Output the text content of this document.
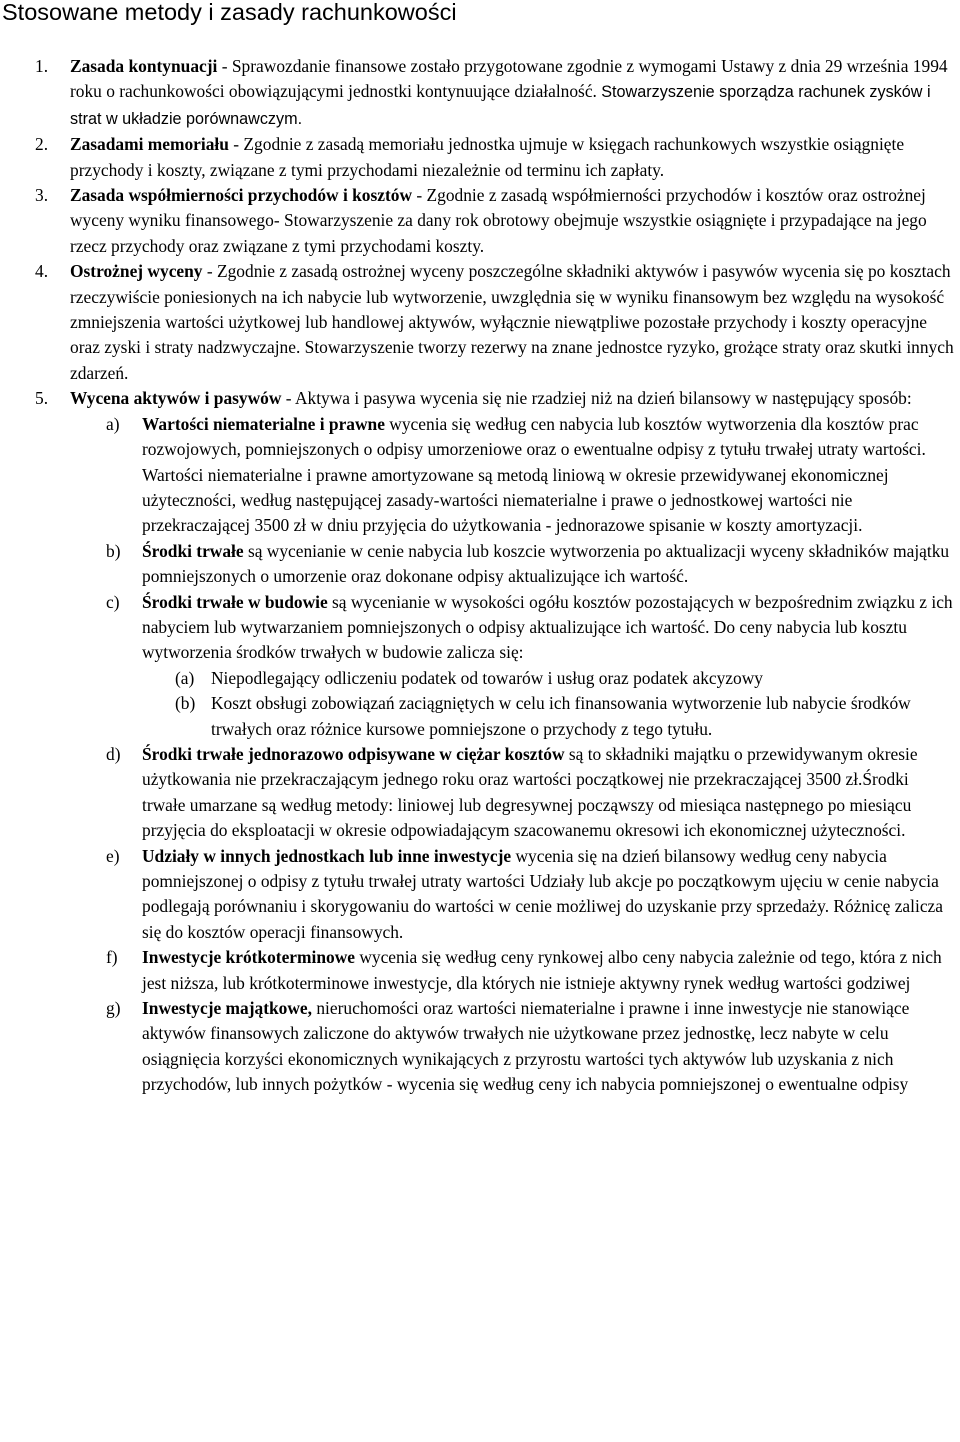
Stosowane metody i zasady rachunkowości

1. Zasada kontynuacji - Sprawozdanie finansowe zostało przygotowane zgodnie z wymogami Ustawy z dnia 29 września 1994 roku o rachunkowości obowiązującymi jednostki kontynuujące działalność. Stowarzyszenie sporządza rachunek zysków i strat w układzie porównawczym.

2. Zasadami memoriału - Zgodnie z zasadą memoriału jednostka ujmuje w księgach rachunkowych wszystkie osiągnięte przychody i koszty, związane z tymi przychodami niezależnie od terminu ich zapłaty.

3. Zasada współmierności przychodów i kosztów - Zgodnie z zasadą współmierności przychodów i kosztów oraz ostrożnej wyceny wyniku finansowego- Stowarzyszenie za dany rok obrotowy obejmuje wszystkie osiągnięte i przypadające na jego rzecz przychody oraz związane z tymi przychodami koszty.

4. Ostrożnej wyceny - Zgodnie z zasadą ostrożnej wyceny poszczególne składniki aktywów i pasywów wycenia się po kosztach rzeczywiście poniesionych na ich nabycie lub wytworzenie, uwzględnia się w wyniku finansowym bez względu na wysokość zmniejszenia wartości użytkowej lub handlowej aktywów, wyłącznie niewątpliwe pozostałe przychody i koszty operacyjne oraz zyski i straty nadzwyczajne. Stowarzyszenie tworzy rezerwy na znane jednostce ryzyko, grożące straty oraz skutki innych zdarzeń.

5. Wycena aktywów i pasywów - Aktywa i pasywa wycenia się nie rzadziej niż na dzień bilansowy w następujący sposób:

a) Wartości niematerialne i prawne wycenia się według cen nabycia lub kosztów wytworzenia dla kosztów prac rozwojowych, pomniejszonych o odpisy umorzeniowe oraz o ewentualne odpisy z tytułu trwałej utraty wartości. Wartości niematerialne i prawne amortyzowane są metodą liniową w okresie przewidywanej ekonomicznej użyteczności, według następującej zasady-wartości niematerialne i prawe o jednostkowej wartości nie przekraczającej 3500 zł w dniu przyjęcia do użytkowania - jednorazowe spisanie w koszty amortyzacji.

b) Środki trwałe są wycenianie w cenie nabycia lub koszcie wytworzenia po aktualizacji wyceny składników majątku pomniejszonych o umorzenie oraz dokonane odpisy aktualizujące ich wartość.

c) Środki trwałe w budowie są wycenianie w wysokości ogółu kosztów pozostających w bezpośrednim związku z ich nabyciem lub wytwarzaniem pomniejszonych o odpisy aktualizujące ich wartość. Do ceny nabycia lub kosztu wytworzenia środków trwałych w budowie zalicza się:

(a) Niepodlegający odliczeniu podatek od towarów i usług oraz podatek akcyzowy

(b) Koszt obsługi zobowiązań zaciągniętych w celu ich finansowania wytworzenie lub nabycie środków trwałych oraz różnice kursowe pomniejszone o przychody z tego tytułu.

d) Środki trwałe jednorazowo odpisywane w ciężar kosztów są to składniki majątku o przewidywanym okresie użytkowania nie przekraczającym jednego roku oraz wartości początkowej nie przekraczającej 3500 zł.Środki trwałe umarzane są według metody: liniowej lub degresywnej począwszy od miesiąca następnego po miesiącu przyjęcia do eksploatacji w okresie odpowiadającym szacowanemu okresowi ich ekonomicznej użyteczności.

e) Udziały w innych jednostkach lub inne inwestycje wycenia się na dzień bilansowy według ceny nabycia pomniejszonej o odpisy z tytułu trwałej utraty wartości Udziały lub akcje po początkowym ujęciu w cenie nabycia podlegają porównaniu i skorygowaniu do wartości w cenie możliwej do uzyskanie przy sprzedaży. Różnicę zalicza się do kosztów operacji finansowych.

f) Inwestycje krótkoterminowe wycenia się według ceny rynkowej albo ceny nabycia zależnie od tego, która z nich jest niższa, lub krótkoterminowe inwestycje, dla których nie istnieje aktywny rynek według wartości godziwej

g) Inwestycje majątkowe, nieruchomości oraz wartości niematerialne i prawne i inne inwestycje nie stanowiące aktywów finansowych zaliczone do aktywów trwałych nie użytkowane przez jednostkę, lecz nabyte w celu osiągnięcia korzyści ekonomicznych wynikających z przyrostu wartości tych aktywów lub uzyskania z nich przychodów, lub innych pożytków - wycenia się według ceny ich nabycia pomniejszonej o ewentualne odpisy
